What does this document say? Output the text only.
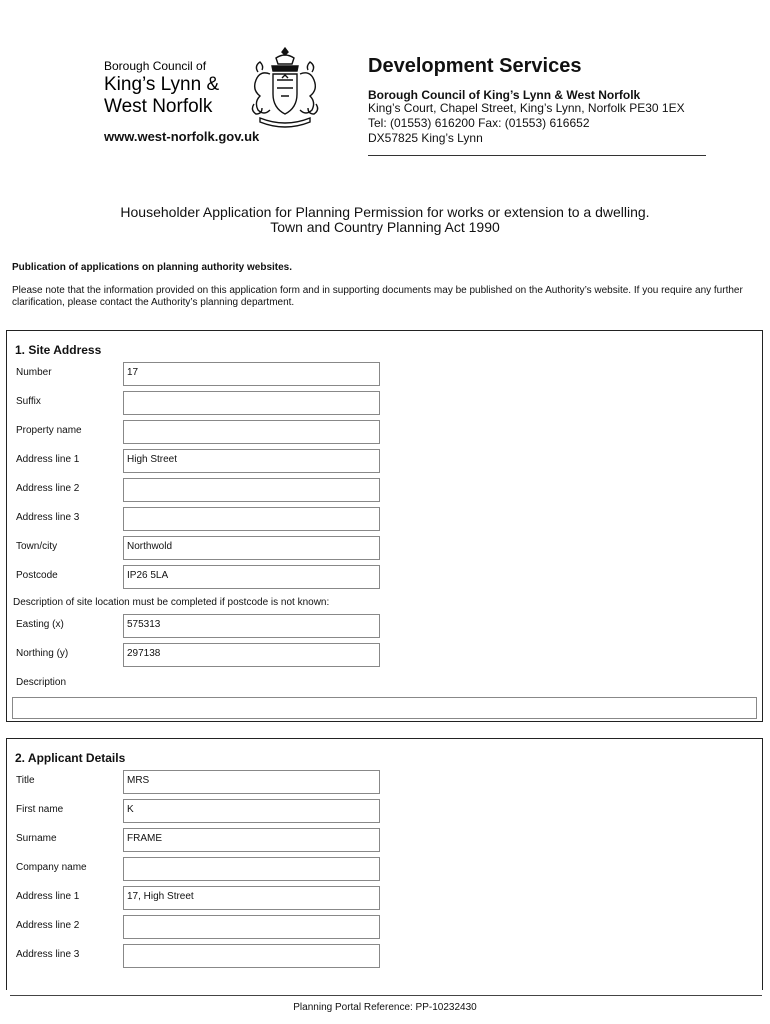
Borough Council of
King’s Lynn &
West Norfolk
www.west-norfolk.gov.uk
Development Services
Borough Council of King’s Lynn & West Norfolk
King’s Court, Chapel Street, King’s Lynn, Norfolk PE30 1EX
Tel: (01553) 616200 Fax: (01553) 616652
DX57825 King’s Lynn
Householder Application for Planning Permission for works or extension to a dwelling.
Town and Country Planning Act 1990
Publication of applications on planning authority websites.
Please note that the information provided on this application form and in supporting documents may be published on the Authority’s website. If you require any further clarification, please contact the Authority’s planning department.
1. Site Address
Number	17
Suffix
Property name
Address line 1	High Street
Address line 2
Address line 3
Town/city	Northwold
Postcode	IP26 5LA
Description of site location must be completed if postcode is not known:
Easting (x)	575313
Northing (y)	297138
Description
2. Applicant Details
Title	MRS
First name	K
Surname	FRAME
Company name
Address line 1	17, High Street
Address line 2
Address line 3
Planning Portal Reference: PP-10232430
